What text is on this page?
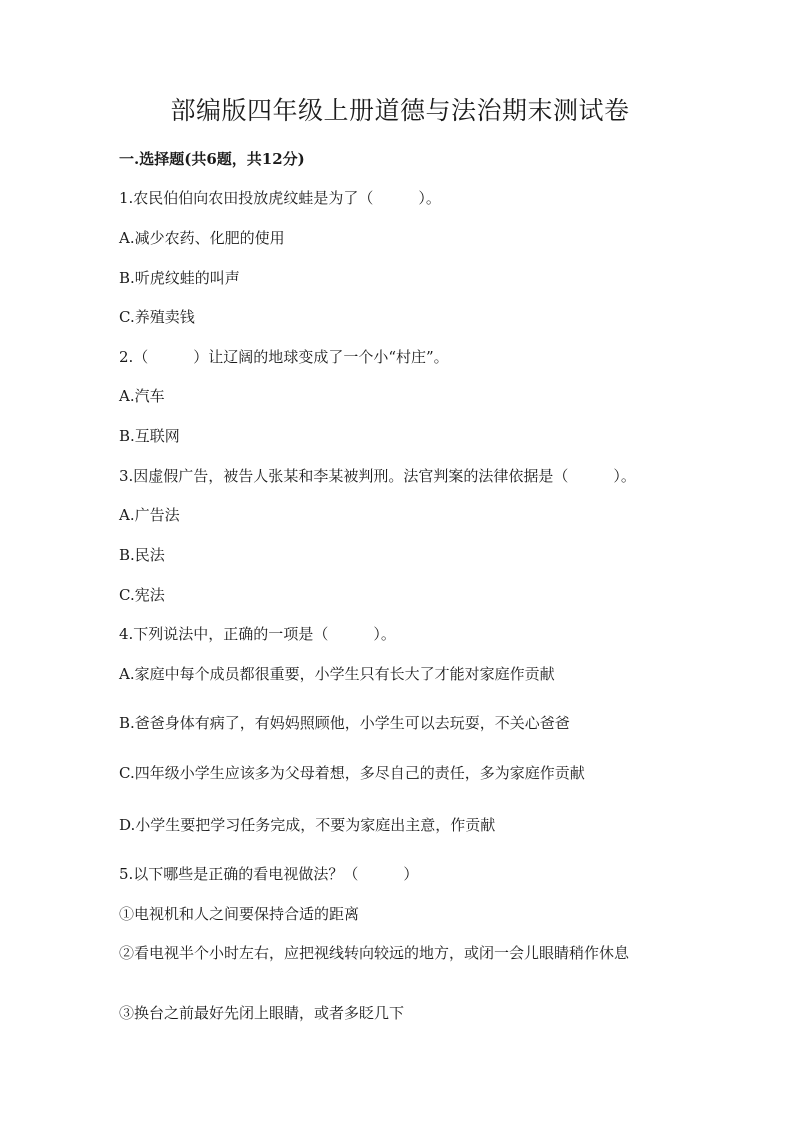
部编版四年级上册道德与法治期末测试卷
一.选择题(共6题，共12分)
1.农民伯伯向农田投放虎纹蛙是为了（　　　）。
A.减少农药、化肥的使用
B.听虎纹蛙的叫声
C.养殖卖钱
2.（　　　）让辽阔的地球变成了一个小“村庄”。
A.汽车
B.互联网
3.因虚假广告，被告人张某和李某被判刑。法官判案的法律依据是（　　　）。
A.广告法
B.民法
C.宪法
4.下列说法中，正确的一项是（　　　）。
A.家庭中每个成员都很重要，小学生只有长大了才能对家庭作贡献
B.爸爸身体有病了，有妈妈照顾他，小学生可以去玩耍，不关心爸爸
C.四年级小学生应该多为父母着想，多尽自己的责任，多为家庭作贡献
D.小学生要把学习任务完成，不要为家庭出主意，作贡献
5.以下哪些是正确的看电视做法？（　　　）
①电视机和人之间要保持合适的距离
②看电视半个小时左右，应把视线转向较远的地方，或闭一会儿眼睛稍作休息
③换台之前最好先闭上眼睛，或者多眨几下
